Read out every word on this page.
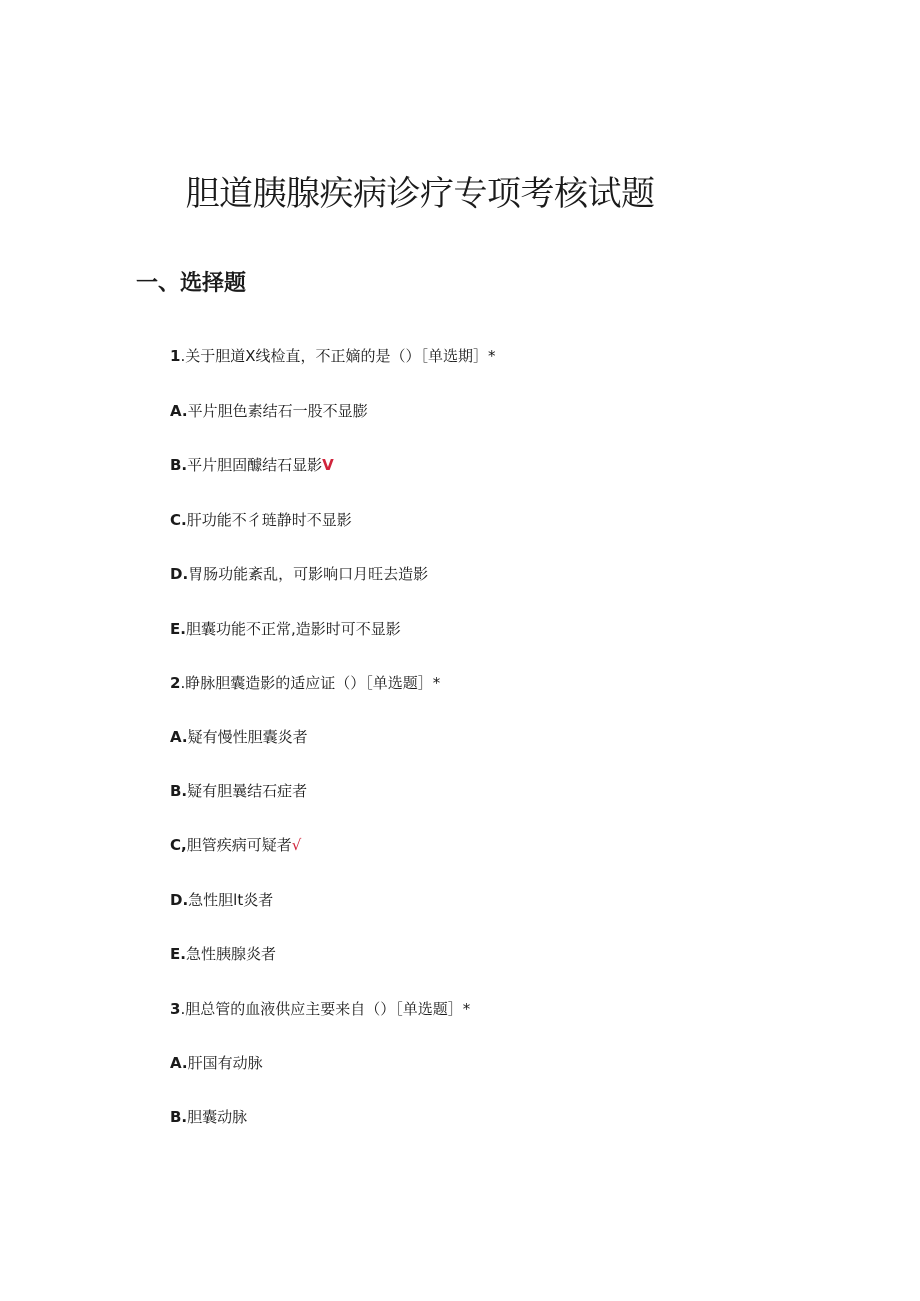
胆道胰腺疾病诊疗专项考核试题
一、选择题
1.关于胆道X线检直，不正嫡的是（）［单选期］*
A.平片胆色素结石一股不显膨
B.平片胆固醵结石显影V
C.肝功能不彳琏静时不显影
D.胃肠功能紊乱，可影响口月旺去造影
E.胆囊功能不正常,造影时可不显影
2.睁脉胆囊造影的适应证（）［单选题］*
A.疑有慢性胆囊炎者
B.疑有胆曩结石症者
C,胆管疾病可疑者√
D.急性胆lt炎者
E.急性胰腺炎者
3.胆总管的血液供应主要来自（）［单选题］*
A.肝国有动脉
B.胆囊动脉
